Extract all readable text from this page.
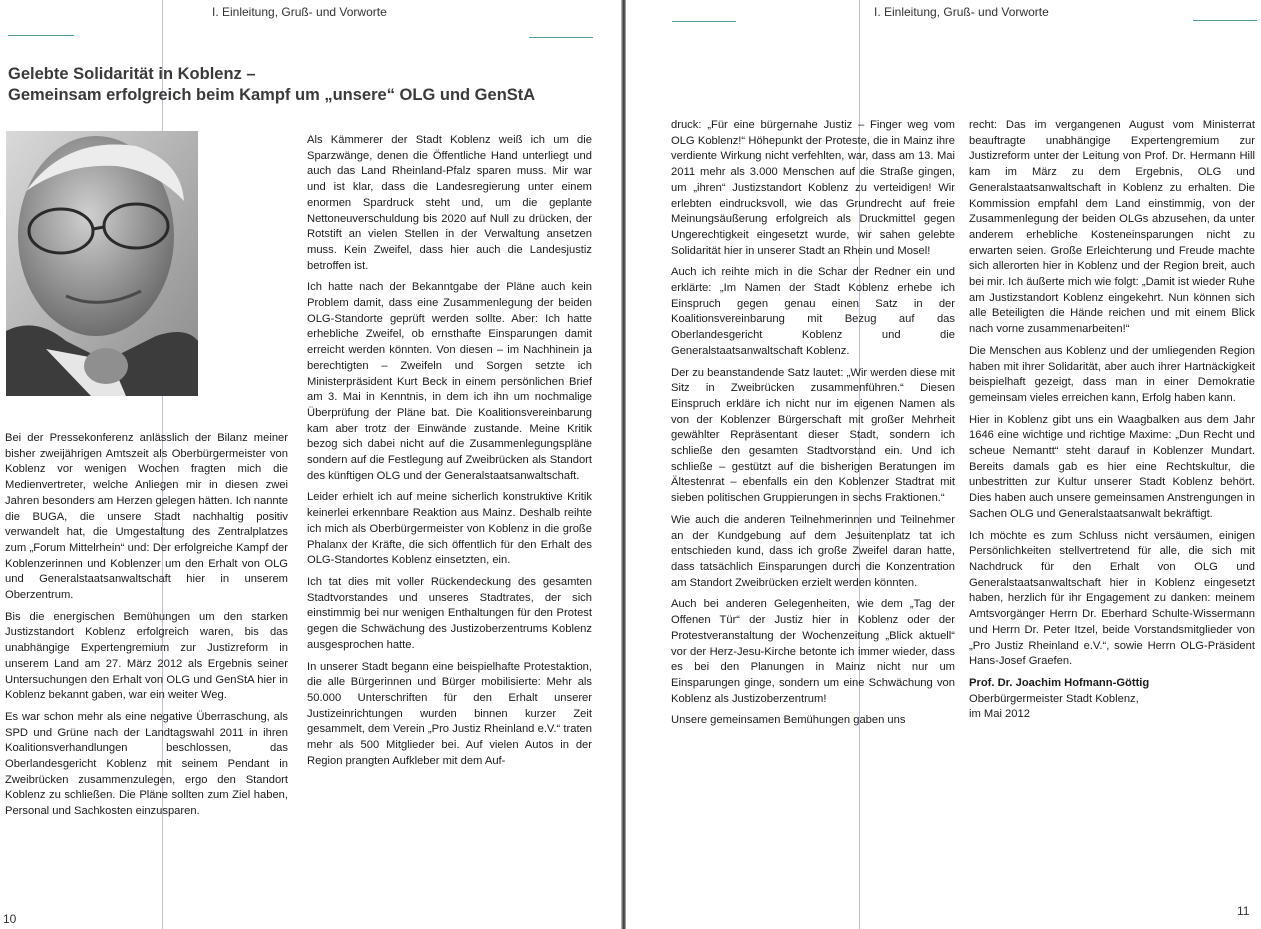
I. Einleitung, Gruß- und Vorworte
Gelebte Solidarität in Koblenz –
Gemeinsam erfolgreich beim Kampf um „unsere“ OLG und GenStA

Bei der Pressekonferenz anlässlich der Bilanz meiner bisher zweijährigen Amtszeit als Oberbürgermeister von Koblenz vor wenigen Wochen fragten mich die Medienvertreter, welche Anliegen mir in diesen zwei Jahren besonders am Herzen gelegen hätten. Ich nannte die BUGA, die unsere Stadt nachhaltig positiv verwandelt hat, die Umgestaltung des Zentralplatzes zum „Forum Mittelrhein“ und: Der erfolgreiche Kampf der Koblenzerinnen und Koblenzer um den Erhalt von OLG und Generalstaatsanwaltschaft hier in unserem Oberzentrum.

Bis die energischen Bemühungen um den starken Justizstandort Koblenz erfolgreich waren, bis das unabhängige Expertengremium zur Justizreform in unserem Land am 27. März 2012 als Ergebnis seiner Untersuchungen den Erhalt von OLG und GenStA hier in Koblenz bekannt gaben, war ein weiter Weg.

Es war schon mehr als eine negative Überraschung, als SPD und Grüne nach der Landtagswahl 2011 in ihren Koalitionsverhandlungen beschlossen, das Oberlandesgericht Koblenz mit seinem Pendant in Zweibrücken zusammenzulegen, ergo den Standort Koblenz zu schließen. Die Pläne sollten zum Ziel haben, Personal und Sachkosten einzusparen.

Als Kämmerer der Stadt Koblenz weiß ich um die Sparzwänge, denen die Öffentliche Hand unterliegt und auch das Land Rheinland-Pfalz sparen muss. Mir war und ist klar, dass die Landesregierung unter einem enormen Spardruck steht und, um die geplante Nettoneuverschuldung bis 2020 auf Null zu drücken, der Rotstift an vielen Stellen in der Verwaltung ansetzen muss. Kein Zweifel, dass hier auch die Landesjustiz betroffen ist.

Ich hatte nach der Bekanntgabe der Pläne auch kein Problem damit, dass eine Zusammenlegung der beiden OLG-Standorte geprüft werden sollte. Aber: Ich hatte erhebliche Zweifel, ob ernsthafte Einsparungen damit erreicht werden könnten. Von diesen – im Nachhinein ja berechtigten – Zweifeln und Sorgen setzte ich Ministerpräsident Kurt Beck in einem persönlichen Brief am 3. Mai in Kenntnis, in dem ich ihn um nochmalige Überprüfung der Pläne bat. Die Koalitionsvereinbarung kam aber trotz der Einwände zustande. Meine Kritik bezog sich dabei nicht auf die Zusammenlegungspläne sondern auf die Festlegung auf Zweibrücken als Standort des künftigen OLG und der Generalstaatsanwaltschaft.

Leider erhielt ich auf meine sicherlich konstruktive Kritik keinerlei erkennbare Reaktion aus Mainz. Deshalb reihte ich mich als Oberbürgermeister von Koblenz in die große Phalanx der Kräfte, die sich öffentlich für den Erhalt des OLG-Standortes Koblenz einsetzten, ein.

Ich tat dies mit voller Rückendeckung des gesamten Stadtvorstandes und unseres Stadtrates, der sich einstimmig bei nur wenigen Enthaltungen für den Protest gegen die Schwächung des Justizoberzentrums Koblenz ausgesprochen hatte.

In unserer Stadt begann eine beispielhafte Protestaktion, die alle Bürgerinnen und Bürger mobilisierte: Mehr als 50.000 Unterschriften für den Erhalt unserer Justizeinrichtungen wurden binnen kurzer Zeit gesammelt, dem Verein „Pro Justiz Rheinland e.V.“ traten mehr als 500 Mitglieder bei. Auf vielen Autos in der Region prangten Aufkleber mit dem Auf-

10
I. Einleitung, Gruß- und Vorworte

druck: „Für eine bürgernahe Justiz – Finger weg vom OLG Koblenz!“ Höhepunkt der Proteste, die in Mainz ihre verdiente Wirkung nicht verfehlten, war, dass am 13. Mai 2011 mehr als 3.000 Menschen auf die Straße gingen, um „ihren“ Justizstandort Koblenz zu verteidigen! Wir erlebten eindrucksvoll, wie das Grundrecht auf freie Meinungsäußerung erfolgreich als Druckmittel gegen Ungerechtigkeit eingesetzt wurde, wir sahen gelebte Solidarität hier in unserer Stadt an Rhein und Mosel!

Auch ich reihte mich in die Schar der Redner ein und erklärte: „Im Namen der Stadt Koblenz erhebe ich Einspruch gegen genau einen Satz in der Koalitionsvereinbarung mit Bezug auf das Oberlandesgericht Koblenz und die Generalstaatsanwaltschaft Koblenz.

Der zu beanstandende Satz lautet: „Wir werden diese mit Sitz in Zweibrücken zusammenführen.“ Diesen Einspruch erkläre ich nicht nur im eigenen Namen als von der Koblenzer Bürgerschaft mit großer Mehrheit gewählter Repräsentant dieser Stadt, sondern ich schließe den gesamten Stadtvorstand ein. Und ich schließe – gestützt auf die bisherigen Beratungen im Ältestenrat – ebenfalls ein den Koblenzer Stadtrat mit sieben politischen Gruppierungen in sechs Fraktionen.“

Wie auch die anderen Teilnehmerinnen und Teilnehmer an der Kundgebung auf dem Jesuitenplatz tat ich entschieden kund, dass ich große Zweifel daran hatte, dass tatsächlich Einsparungen durch die Konzentration am Standort Zweibrücken erzielt werden könnten.

Auch bei anderen Gelegenheiten, wie dem „Tag der Offenen Tür“ der Justiz hier in Koblenz oder der Protestveranstaltung der Wochenzeitung „Blick aktuell“ vor der Herz-Jesu-Kirche betonte ich immer wieder, dass es bei den Planungen in Mainz nicht nur um Einsparungen ginge, sondern um eine Schwächung von Koblenz als Justizoberzentrum!

Unsere gemeinsamen Bemühungen gaben uns

recht: Das im vergangenen August vom Ministerrat beauftragte unabhängige Expertengremium zur Justizreform unter der Leitung von Prof. Dr. Hermann Hill kam im März zu dem Ergebnis, OLG und Generalstaatsanwaltschaft in Koblenz zu erhalten. Die Kommission empfahl dem Land einstimmig, von der Zusammenlegung der beiden OLGs abzusehen, da unter anderem erhebliche Kosteneinsparungen nicht zu erwarten seien. Große Erleichterung und Freude machte sich allerorten hier in Koblenz und der Region breit, auch bei mir. Ich äußerte mich wie folgt: „Damit ist wieder Ruhe am Justizstandort Koblenz eingekehrt. Nun können sich alle Beteiligten die Hände reichen und mit einem Blick nach vorne zusammenarbeiten!“

Die Menschen aus Koblenz und der umliegenden Region haben mit ihrer Solidarität, aber auch ihrer Hartnäckigkeit beispielhaft gezeigt, dass man in einer Demokratie gemeinsam vieles erreichen kann, Erfolg haben kann.

Hier in Koblenz gibt uns ein Waagbalken aus dem Jahr 1646 eine wichtige und richtige Maxime: „Dun Recht und scheue Nemantt“ steht darauf in Koblenzer Mundart. Bereits damals gab es hier eine Rechtskultur, die unbestritten zur Kultur unserer Stadt Koblenz behört. Dies haben auch unsere gemeinsamen Anstrengungen in Sachen OLG und Generalstaatsanwalt bekräftigt.

Ich möchte es zum Schluss nicht versäumen, einigen Persönlichkeiten stellvertretend für alle, die sich mit Nachdruck für den Erhalt von OLG und Generalstaatsanwaltschaft hier in Koblenz eingesetzt haben, herzlich für ihr Engagement zu danken: meinem Amtsvorgänger Herrn Dr. Eberhard Schulte-Wissermann und Herrn Dr. Peter Itzel, beide Vorstandsmitglieder von „Pro Justiz Rheinland e.V.“, sowie Herrn OLG-Präsident Hans-Josef Graefen.

Prof. Dr. Joachim Hofmann-Göttig
Oberbürgermeister Stadt Koblenz,
im Mai 2012
11
